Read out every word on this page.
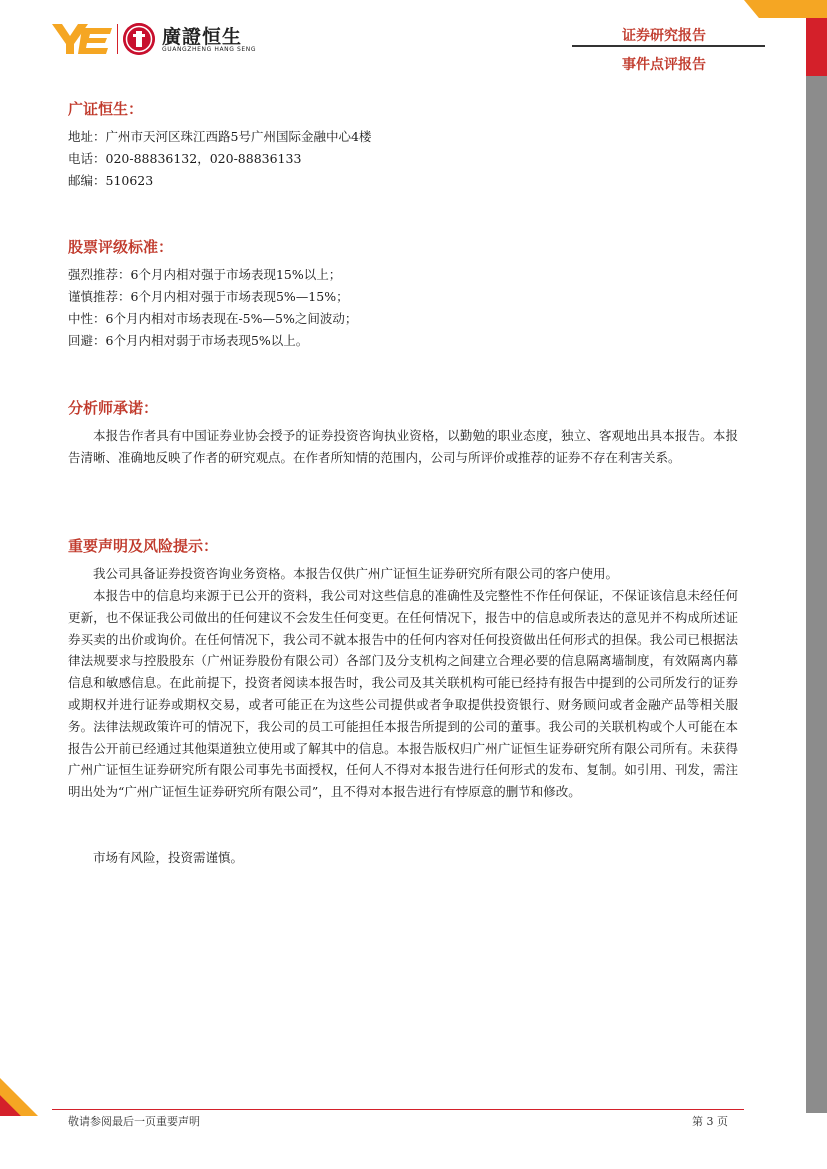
廣證恒生
GUANGZHENG HANG SENG
证券研究报告
事件点评报告
广证恒生：
地址：广州市天河区珠江西路5号广州国际金融中心4楼
电话：020-88836132，020-88836133
邮编：510623
股票评级标准：
强烈推荐：6个月内相对强于市场表现15%以上；
谨慎推荐：6个月内相对强于市场表现5%—15%；
中性：6个月内相对市场表现在-5%—5%之间波动；
回避：6个月内相对弱于市场表现5%以上。
分析师承诺：
本报告作者具有中国证券业协会授予的证券投资咨询执业资格，以勤勉的职业态度，独立、客观地出具本报告。本报告清晰、准确地反映了作者的研究观点。在作者所知情的范围内，公司与所评价或推荐的证券不存在利害关系。
重要声明及风险提示：
我公司具备证券投资咨询业务资格。本报告仅供广州广证恒生证券研究所有限公司的客户使用。
本报告中的信息均来源于已公开的资料，我公司对这些信息的准确性及完整性不作任何保证，不保证该信息未经任何更新，也不保证我公司做出的任何建议不会发生任何变更。在任何情况下，报告中的信息或所表达的意见并不构成所述证券买卖的出价或询价。在任何情况下，我公司不就本报告中的任何内容对任何投资做出任何形式的担保。我公司已根据法律法规要求与控股股东（广州证券股份有限公司）各部门及分支机构之间建立合理必要的信息隔离墙制度，有效隔离内幕信息和敏感信息。在此前提下，投资者阅读本报告时，我公司及其关联机构可能已经持有报告中提到的公司所发行的证券或期权并进行证券或期权交易，或者可能正在为这些公司提供或者争取提供投资银行、财务顾问或者金融产品等相关服务。法律法规政策许可的情况下，我公司的员工可能担任本报告所提到的公司的董事。我公司的关联机构或个人可能在本报告公开前已经通过其他渠道独立使用或了解其中的信息。本报告版权归广州广证恒生证券研究所有限公司所有。未获得广州广证恒生证券研究所有限公司事先书面授权，任何人不得对本报告进行任何形式的发布、复制。如引用、刊发，需注明出处为“广州广证恒生证券研究所有限公司”，且不得对本报告进行有悖原意的删节和修改。
市场有风险，投资需谨慎。
敬请参阅最后一页重要声明	第 3 页
